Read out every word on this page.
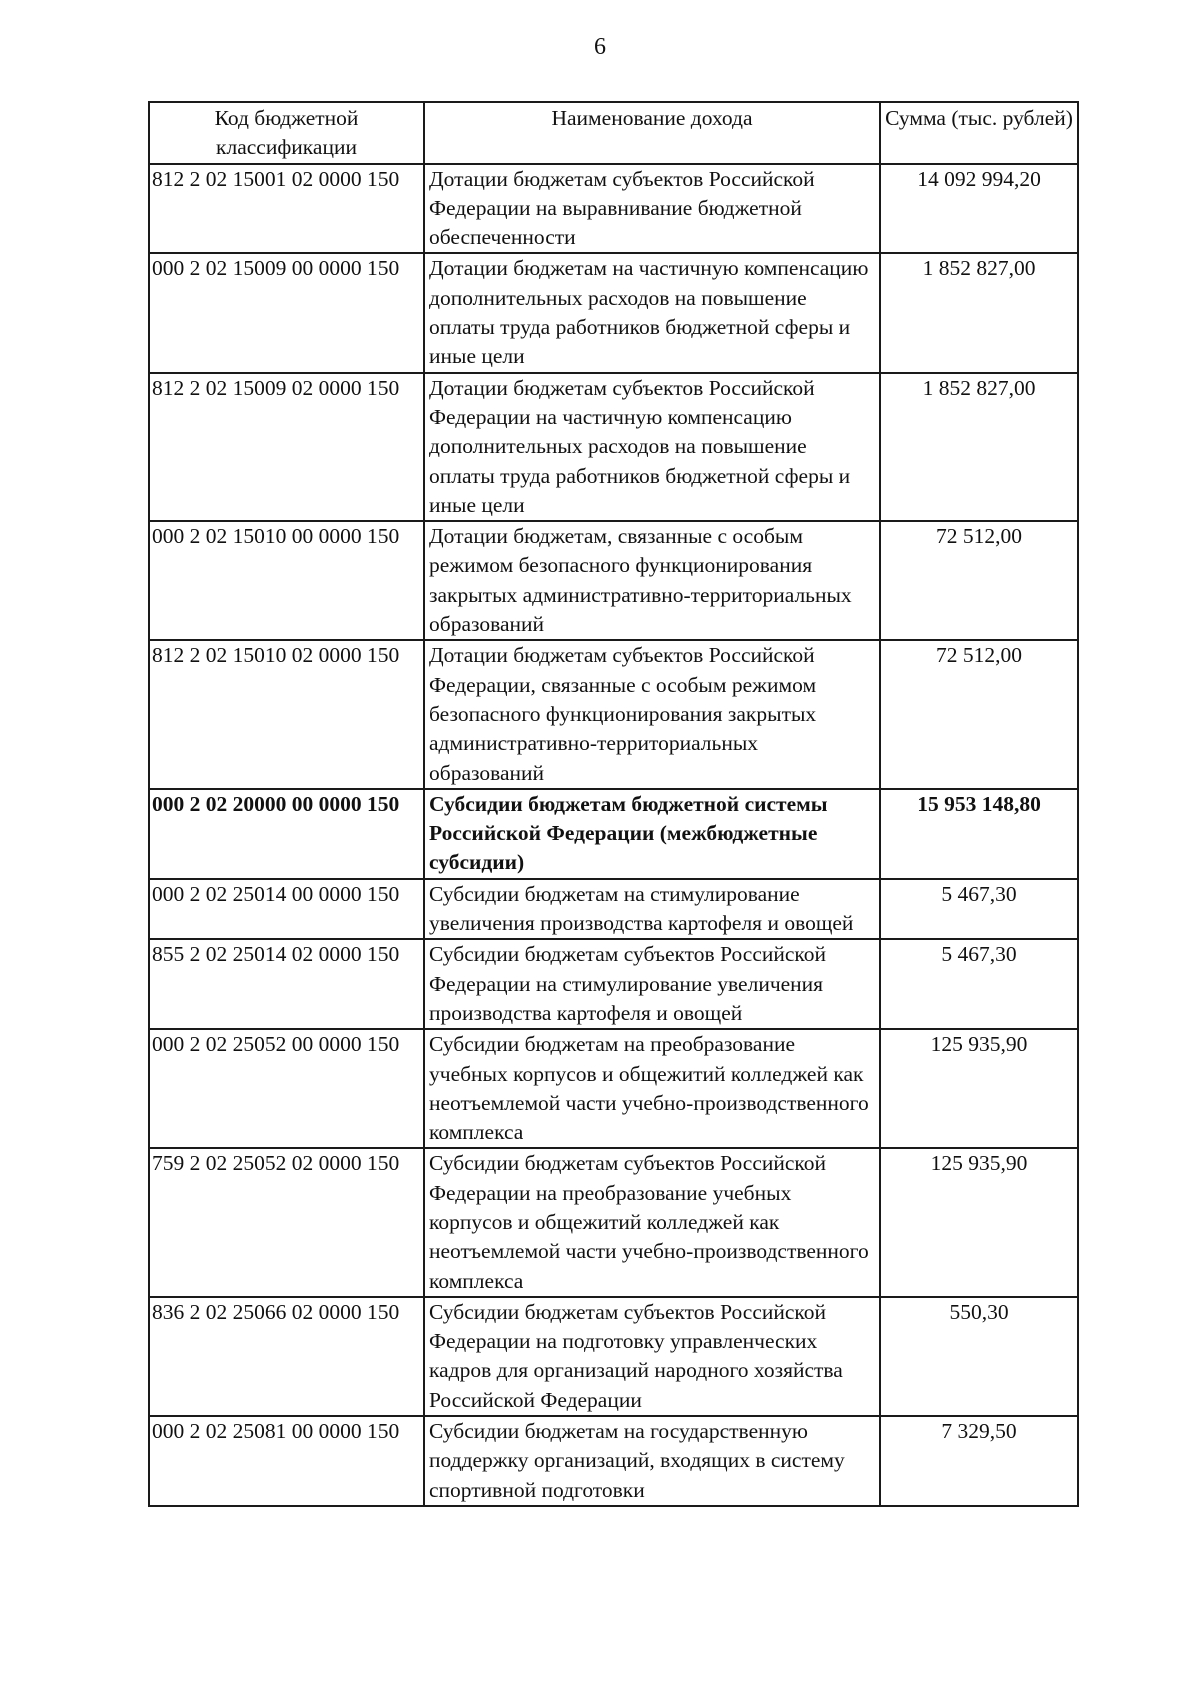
6
Код бюджетной классификации	Наименование дохода	Сумма (тыс. рублей)
812 2 02 15001 02 0000 150	Дотации бюджетам субъектов Российской Федерации на выравнивание бюджетной обеспеченности	14 092 994,20
000 2 02 15009 00 0000 150	Дотации бюджетам на частичную компенсацию дополнительных расходов на повышение оплаты труда работников бюджетной сферы и иные цели	1 852 827,00
812 2 02 15009 02 0000 150	Дотации бюджетам субъектов Российской Федерации на частичную компенсацию дополнительных расходов на повышение оплаты труда работников бюджетной сферы и иные цели	1 852 827,00
000 2 02 15010 00 0000 150	Дотации бюджетам, связанные с особым режимом безопасного функционирования закрытых административно-территориальных образований	72 512,00
812 2 02 15010 02 0000 150	Дотации бюджетам субъектов Российской Федерации, связанные с особым режимом безопасного функционирования закрытых административно-территориальных образований	72 512,00
000 2 02 20000 00 0000 150	Субсидии бюджетам бюджетной системы Российской Федерации (межбюджетные субсидии)	15 953 148,80
000 2 02 25014 00 0000 150	Субсидии бюджетам на стимулирование увеличения производства картофеля и овощей	5 467,30
855 2 02 25014 02 0000 150	Субсидии бюджетам субъектов Российской Федерации на стимулирование увеличения производства картофеля и овощей	5 467,30
000 2 02 25052 00 0000 150	Субсидии бюджетам на преобразование учебных корпусов и общежитий колледжей как неотъемлемой части учебно-производственного комплекса	125 935,90
759 2 02 25052 02 0000 150	Субсидии бюджетам субъектов Российской Федерации на преобразование учебных корпусов и общежитий колледжей как неотъемлемой части учебно-производственного комплекса	125 935,90
836 2 02 25066 02 0000 150	Субсидии бюджетам субъектов Российской Федерации на подготовку управленческих кадров для организаций народного хозяйства Российской Федерации	550,30
000 2 02 25081 00 0000 150	Субсидии бюджетам на государственную поддержку организаций, входящих в систему спортивной подготовки	7 329,50
